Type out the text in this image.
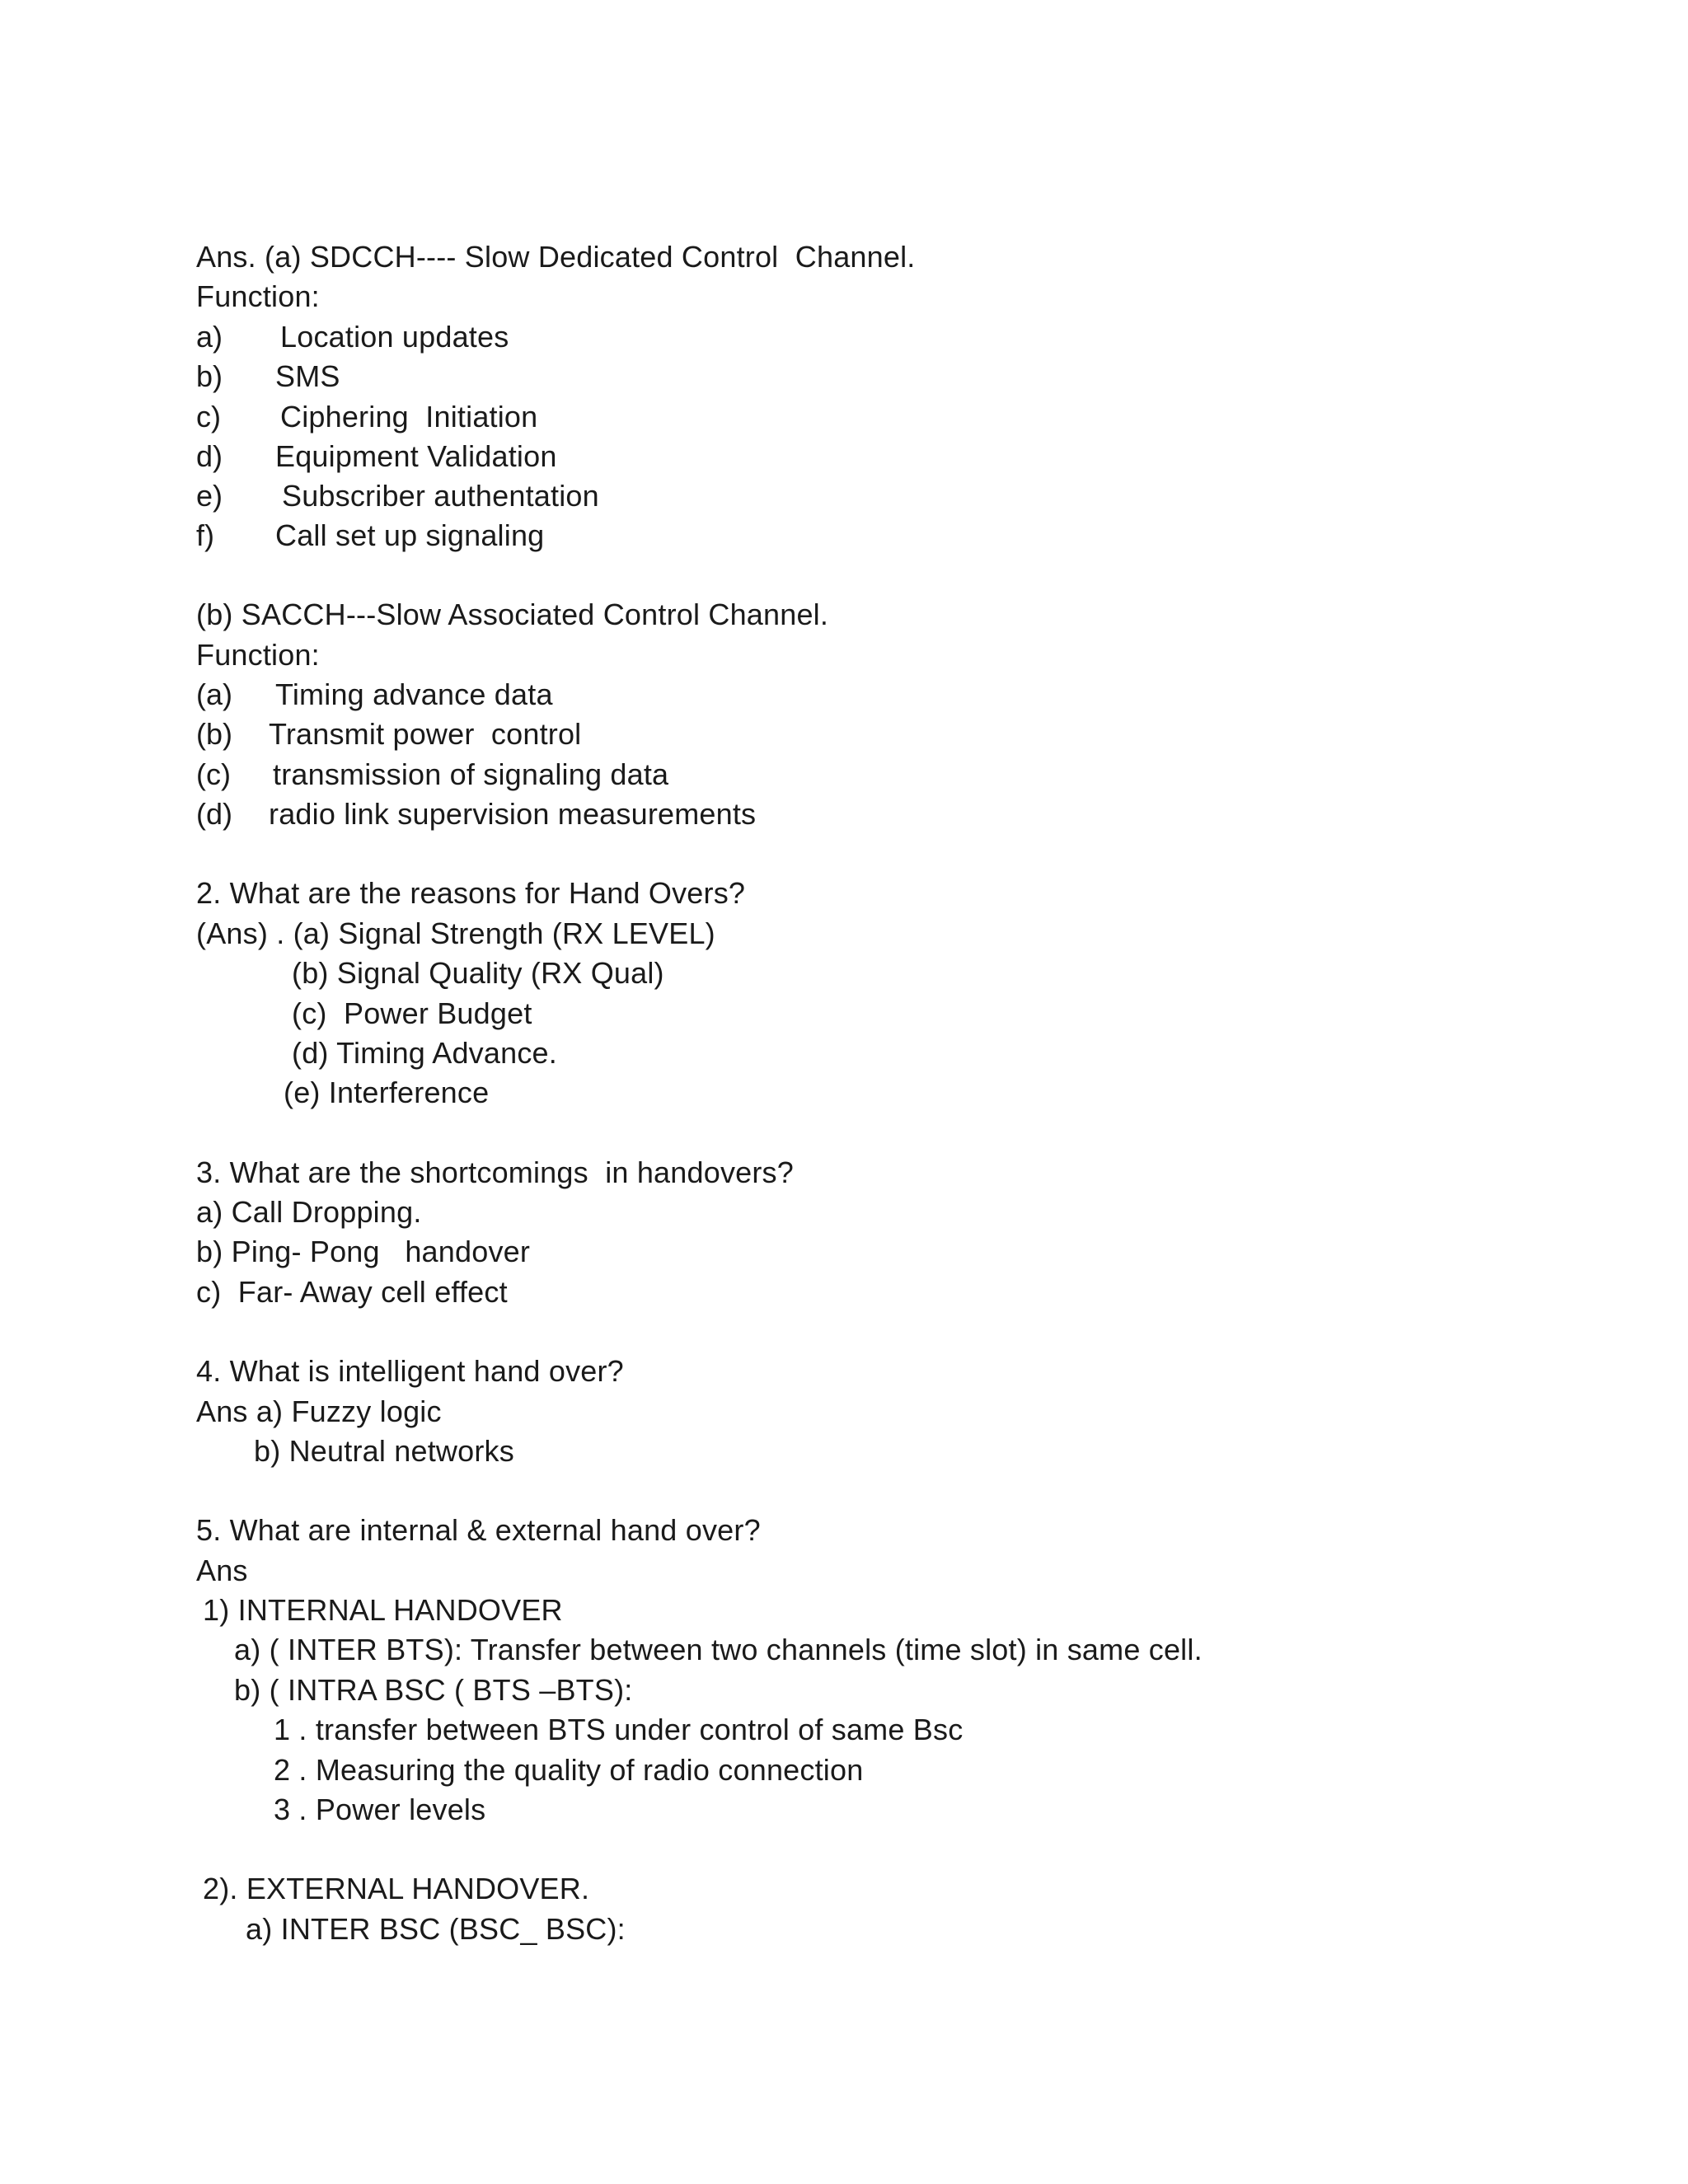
Ans. (a) SDCCH---- Slow Dedicated Control  Channel.
Function:
a) Location updates
b) SMS
c) Ciphering  Initiation
d) Equipment Validation
e) Subscriber authentation
f) Call set up signaling
(b) SACCH---Slow Associated Control Channel.
Function:
(a) Timing advance data
(b) Transmit power  control
(c) transmission of signaling data
(d) radio link supervision measurements
2. What are the reasons for Hand Overs?
(Ans) . (a) Signal Strength (RX LEVEL)
(b) Signal Quality (RX Qual)
(c)  Power Budget
(d) Timing Advance.
(e) Interference
3. What are the shortcomings  in handovers?
a) Call Dropping.
b) Ping- Pong   handover
c)  Far- Away cell effect
4. What is intelligent hand over?
Ans a) Fuzzy logic
b) Neutral networks
5. What are internal & external hand over?
Ans
1) INTERNAL HANDOVER
a) ( INTER BTS): Transfer between two channels (time slot) in same cell.
b) ( INTRA BSC ( BTS –BTS):
1 . transfer between BTS under control of same Bsc
2 . Measuring the quality of radio connection
3 . Power levels
2). EXTERNAL HANDOVER.
a) INTER BSC (BSC_ BSC):
